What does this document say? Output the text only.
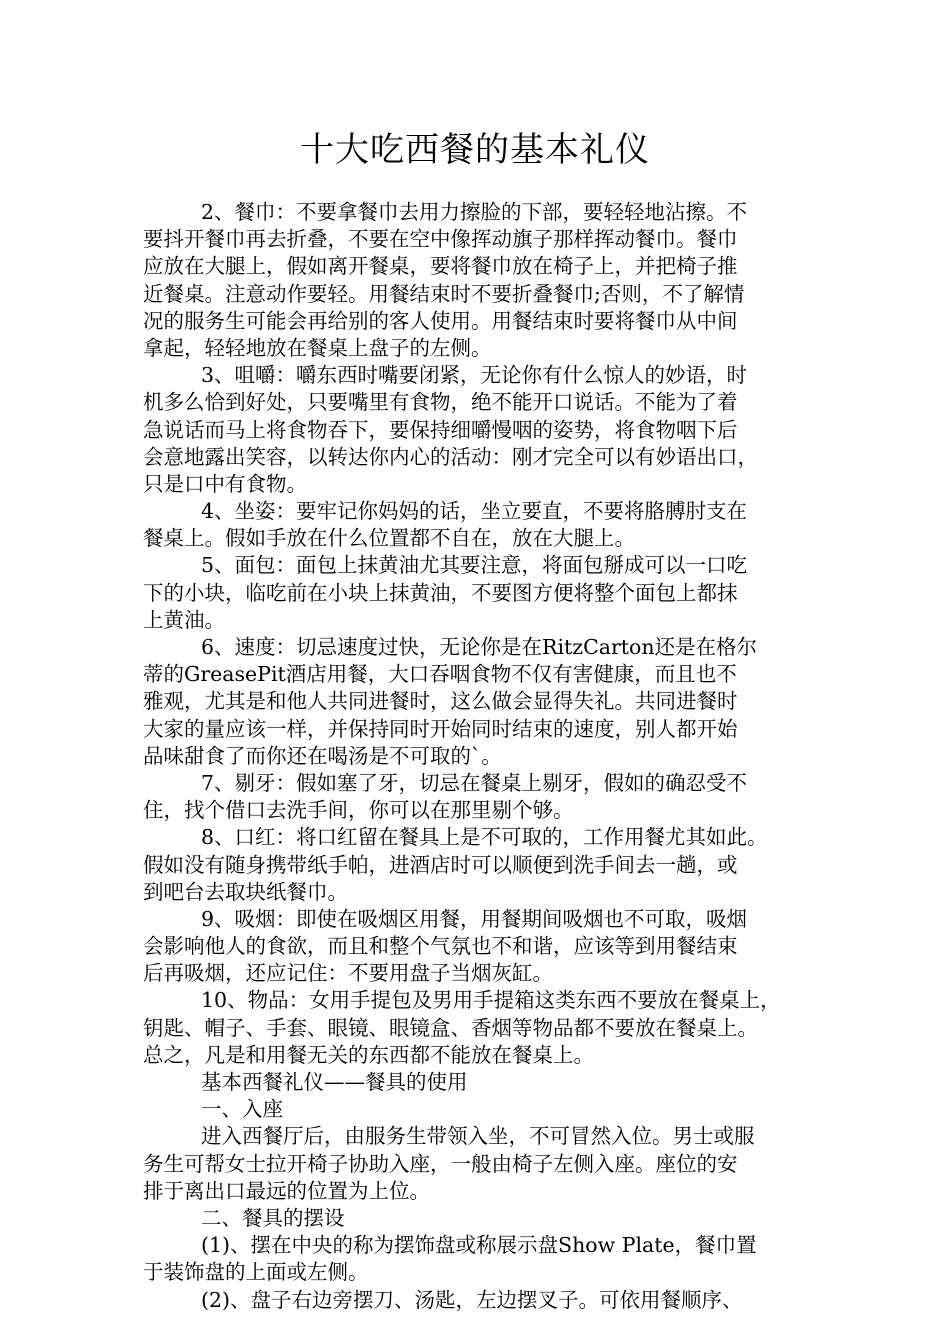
十大吃西餐的基本礼仪
2、餐巾：不要拿餐巾去用力擦脸的下部，要轻轻地沾擦。不
要抖开餐巾再去折叠，不要在空中像挥动旗子那样挥动餐巾。餐巾
应放在大腿上，假如离开餐桌，要将餐巾放在椅子上，并把椅子推
近餐桌。注意动作要轻。用餐结束时不要折叠餐巾;否则，不了解情
况的服务生可能会再给别的客人使用。用餐结束时要将餐巾从中间
拿起，轻轻地放在餐桌上盘子的左侧。
3、咀嚼：嚼东西时嘴要闭紧，无论你有什么惊人的妙语，时
机多么恰到好处，只要嘴里有食物，绝不能开口说话。不能为了着
急说话而马上将食物吞下，要保持细嚼慢咽的姿势，将食物咽下后
会意地露出笑容，以转达你内心的活动：刚才完全可以有妙语出口，
只是口中有食物。
4、坐姿：要牢记你妈妈的话，坐立要直，不要将胳膊肘支在
餐桌上。假如手放在什么位置都不自在，放在大腿上。
5、面包：面包上抹黄油尤其要注意，将面包掰成可以一口吃
下的小块，临吃前在小块上抹黄油，不要图方便将整个面包上都抹
上黄油。
6、速度：切忌速度过快，无论你是在RitzCarton还是在格尔
蒂的GreasePit酒店用餐，大口吞咽食物不仅有害健康，而且也不
雅观，尤其是和他人共同进餐时，这么做会显得失礼。共同进餐时
大家的量应该一样，并保持同时开始同时结束的速度，别人都开始
品味甜食了而你还在喝汤是不可取的`。
7、剔牙：假如塞了牙，切忌在餐桌上剔牙，假如的确忍受不
住，找个借口去洗手间，你可以在那里剔个够。
8、口红：将口红留在餐具上是不可取的，工作用餐尤其如此。
假如没有随身携带纸手帕，进酒店时可以顺便到洗手间去一趟，或
到吧台去取块纸餐巾。
9、吸烟：即使在吸烟区用餐，用餐期间吸烟也不可取，吸烟
会影响他人的食欲，而且和整个气氛也不和谐，应该等到用餐结束
后再吸烟，还应记住：不要用盘子当烟灰缸。
10、物品：女用手提包及男用手提箱这类东西不要放在餐桌上，
钥匙、帽子、手套、眼镜、眼镜盒、香烟等物品都不要放在餐桌上。
总之，凡是和用餐无关的东西都不能放在餐桌上。
基本西餐礼仪——餐具的使用
一、入座
进入西餐厅后，由服务生带领入坐，不可冒然入位。男士或服
务生可帮女士拉开椅子协助入座，一般由椅子左侧入座。座位的安
排于离出口最远的位置为上位。
二、餐具的摆设
(1)、摆在中央的称为摆饰盘或称展示盘Show Plate，餐巾置
于装饰盘的上面或左侧。
(2)、盘子右边旁摆刀、汤匙，左边摆叉子。可依用餐顺序、
